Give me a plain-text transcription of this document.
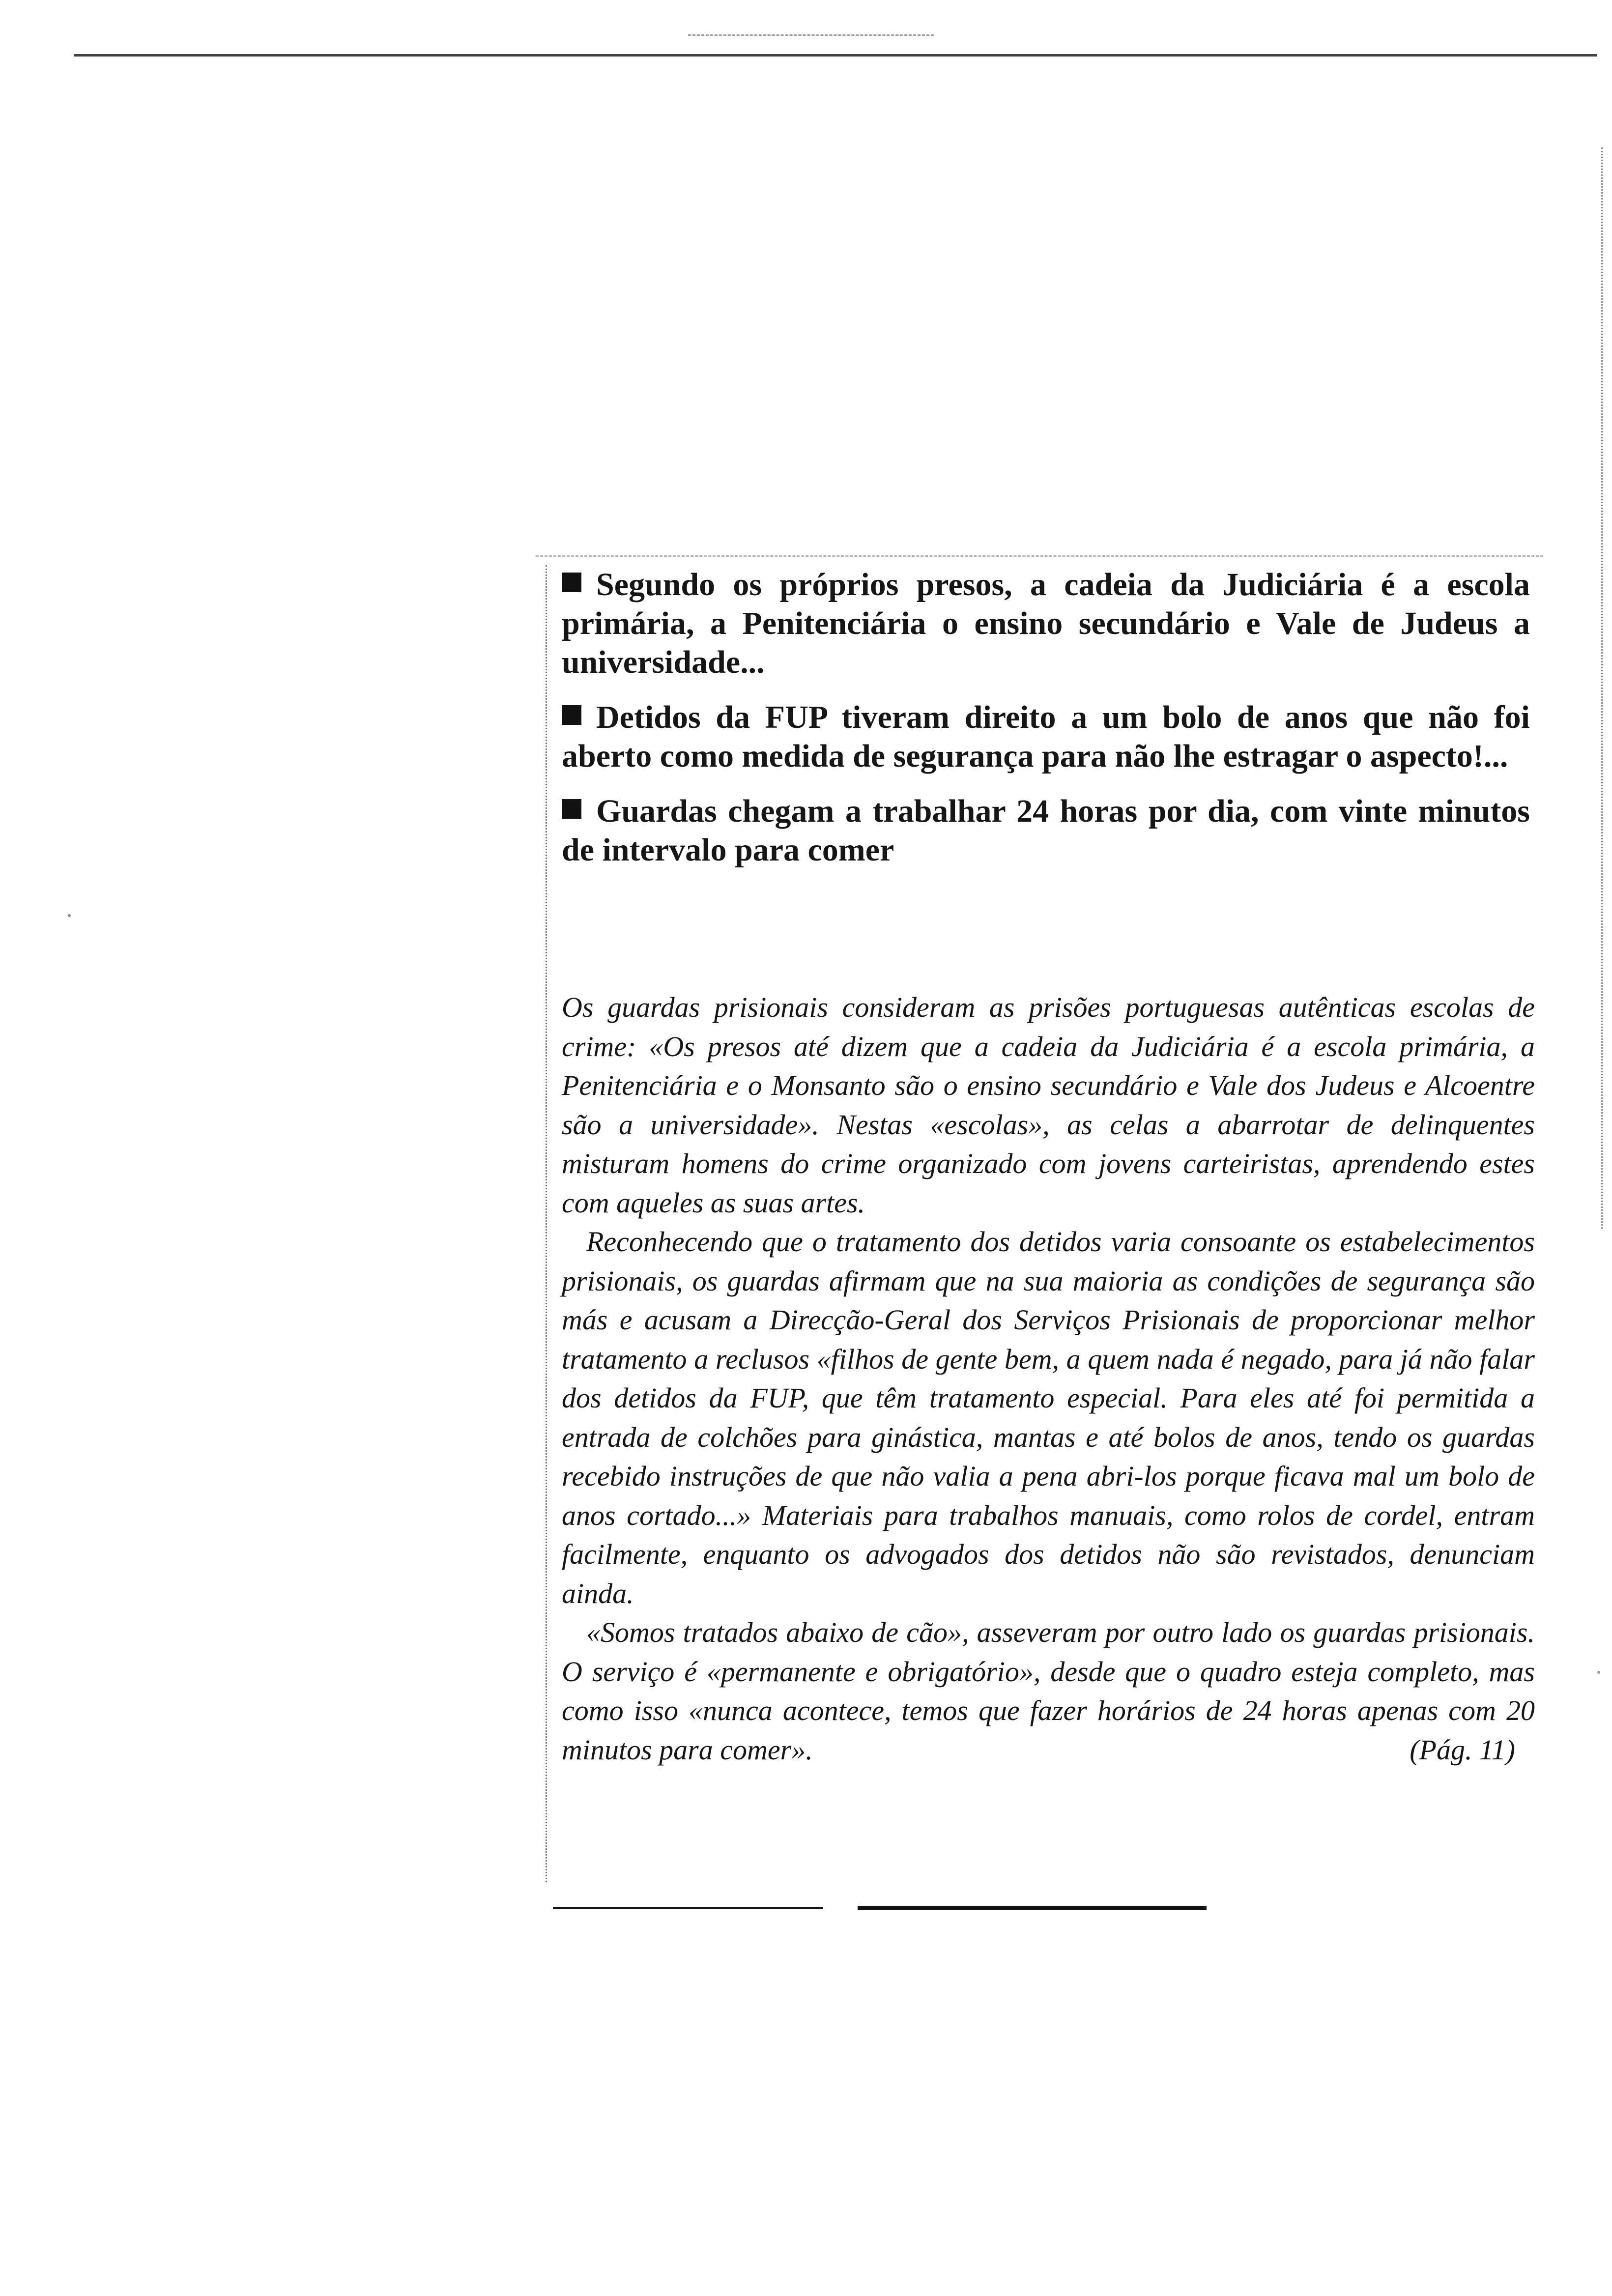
Segundo os próprios presos, a cadeia da Judiciária é a escola primária, a Penitenciária o ensino secundário e Vale de Judeus a universidade...
Detidos da FUP tiveram direito a um bolo de anos que não foi aberto como medida de segurança para não lhe estragar o aspecto!...
Guardas chegam a trabalhar 24 horas por dia, com vinte minutos de intervalo para comer

Os guardas prisionais consideram as prisões portuguesas autênticas escolas de crime: «Os presos até dizem que a cadeia da Judiciária é a escola primária, a Penitenciária e o Monsanto são o ensino secundário e Vale dos Judeus e Alcoentre são a universidade». Nestas «escolas», as celas a abarrotar de delinquentes misturam homens do crime organizado com jovens carteiristas, aprendendo estes com aqueles as suas artes.

Reconhecendo que o tratamento dos detidos varia consoante os estabelecimentos prisionais, os guardas afirmam que na sua maioria as condições de segurança são más e acusam a Direcção-Geral dos Serviços Prisionais de proporcionar melhor tratamento a reclusos «filhos de gente bem, a quem nada é negado, para já não falar dos detidos da FUP, que têm tratamento especial. Para eles até foi permitida a entrada de colchões para ginástica, mantas e até bolos de anos, tendo os guardas recebido instruções de que não valia a pena abri-los porque ficava mal um bolo de anos cortado...» Materiais para trabalhos manuais, como rolos de cordel, entram facilmente, enquanto os advogados dos detidos não são revistados, denunciam ainda.

«Somos tratados abaixo de cão», asseveram por outro lado os guardas prisionais. O serviço é «permanente e obrigatório», desde que o quadro esteja completo, mas como isso «nunca acontece, temos que fazer horários de 24 horas apenas com 20 minutos para comer».	(Pág. 11)
